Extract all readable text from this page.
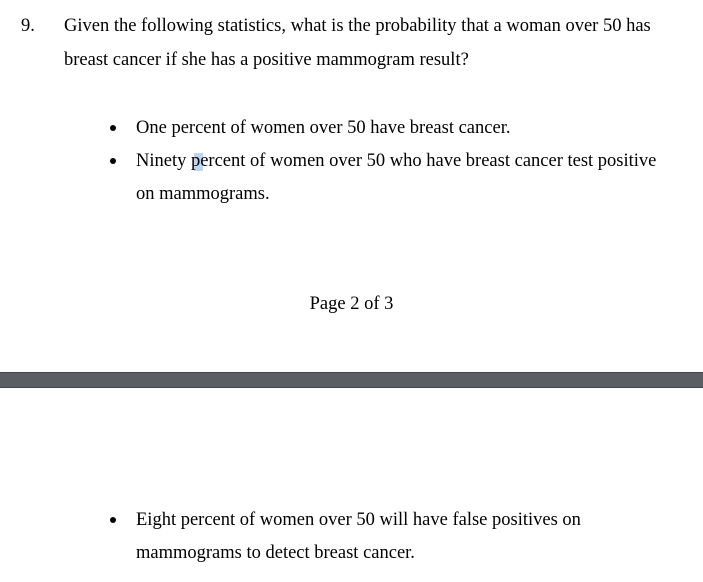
9. Given the following statistics, what is the probability that a woman over 50 has
breast cancer if she has a positive mammogram result?
One percent of women over 50 have breast cancer.
Ninety percent of women over 50 who have breast cancer test positive
on mammograms.
Page 2 of 3
Eight percent of women over 50 will have false positives on
mammograms to detect breast cancer.
